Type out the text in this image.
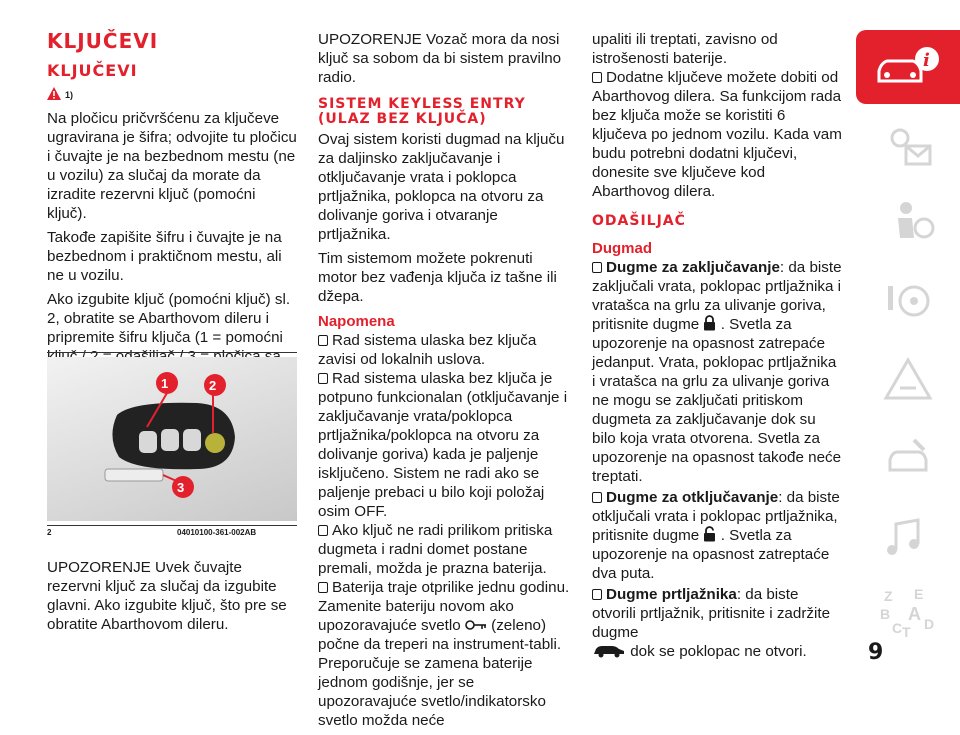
KLJUČEVI
KLJUČEVI
1)

Na pločicu pričvršćenu za ključeve ugravirana je šifra; odvojite tu pločicu i čuvajte je na bezbednom mestu (ne u vozilu) za slučaj da morate da izradite rezervni ključ (pomoćni ključ).

Takođe zapišite šifru i čuvajte je na bezbednom i praktičnom mestu, ali ne u vozilu.

Ako izgubite ključ (pomoćni ključ) sl. 2, obratite se Abarthovom dileru i pripremite šifru ključa (1 = pomoćni

1	2
3
2	04010100-361-002AB

UPOZORENJE Uvek čuvajte rezervni ključ za slučaj da izgubite glavni. Ako izgubite ključ, što pre se obratite Abarthovom dileru.

UPOZORENJE Vozač mora da nosi ključ sa sobom da bi sistem pravilno radio.

SISTEM KEYLESS ENTRY
(ULAZ BEZ KLJUČA)

Ovaj sistem koristi dugmad na ključu za daljinsko zaključavanje i otključavanje vrata i poklopca prtljažnika, poklopca na otvoru za dolivanje goriva i otvaranje prtljažnika.

Tim sistemom možete pokrenuti motor bez vađenja ključa iz tašne ili džepa.

Napomena
Rad sistema ulaska bez ključa zavisi od lokalnih uslova.
Rad sistema ulaska bez ključa je potpuno funkcionalan (otključavanje i zaključavanje vrata/poklopca prtljažnika/poklopca na otvoru za dolivanje goriva) kada je paljenje isključeno. Sistem ne radi ako se paljenje prebaci u bilo koji položaj osim OFF.
Ako ključ ne radi prilikom pritiska dugmeta i radni domet postane premali, možda je prazna baterija.
Baterija traje otprilike jednu godinu.

Zamenite bateriju novom ako upozoravajuće svetlo (zeleno) počne da treperi na instrument-tabli. Preporučuje se zamena baterije jednom godišnje, jer se upozoravajuće svetlo/indikatorsko svetlo možda neće

upaliti ili treptati, zavisno od istrošenosti baterije.

Dodatne ključeve možete dobiti od Abarthovog dilera. Sa funkcijom rada bez ključa može se koristiti 6 ključeva po jednom vozilu. Kada vam budu potrebni dodatni ključevi, donesite sve ključeve kod Abarthovog dilera.
ODAŠILJAČ
Dugmad
Dugme za zaključavanje: da biste zaključali vrata, poklopac prtljažnika i vratašca na grlu za ulivanje goriva, pritisnite dugme . Svetla za upozorenje na opasnost zatrepaće jedanput. Vrata, poklopac prtljažnika i vratašca na grlu za ulivanje goriva ne mogu se zaključati pritiskom dugmeta za zaključavanje dok su bilo koja vrata otvorena. Svetla za upozorenje na opasnost takođe neće treptati.
Dugme za otključavanje: da biste otključali vrata i poklopac prtljažnika, pritisnite dugme . Svetla za upozorenje na opasnost zatreptaće dva puta.
Dugme prtljažnika: da biste otvorili prtljažnik, pritisnite i zadržite dugme
dok se poklopac ne otvori.
i
Z E
B A
C T D
9
